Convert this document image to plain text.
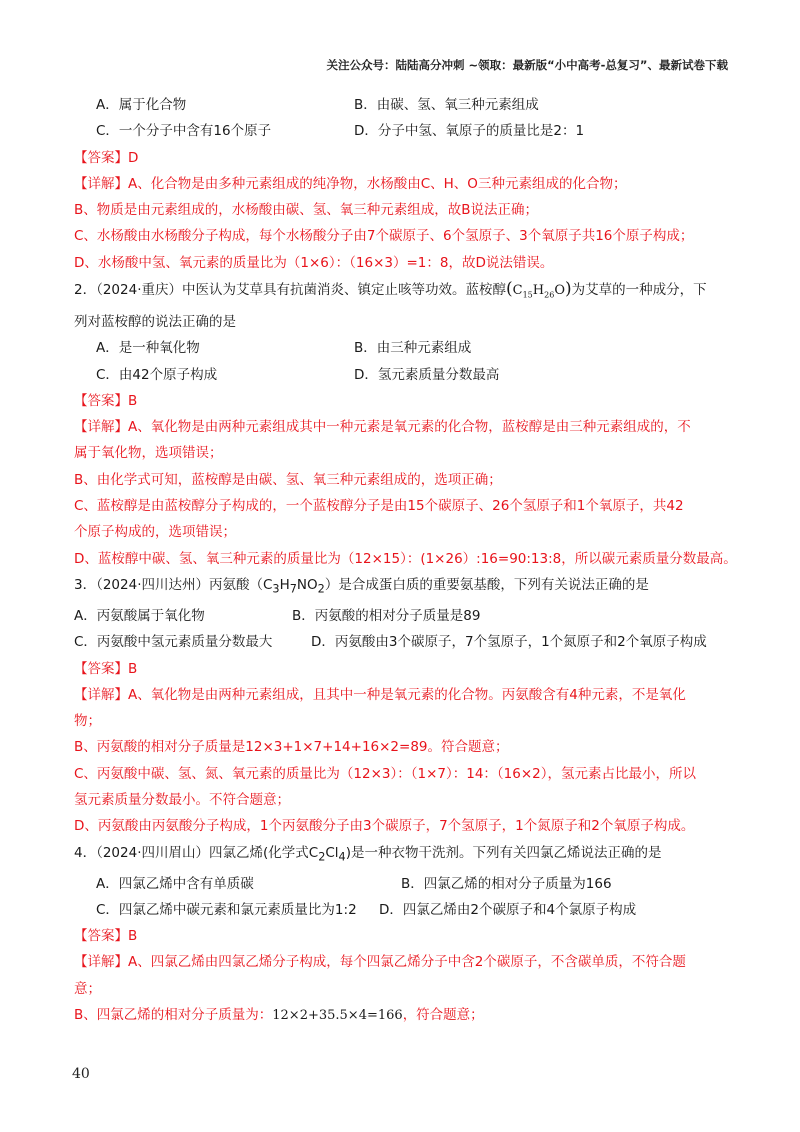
关注公众号：陆陆高分冲刺 ~领取：最新版“小中高考-总复习”、最新试卷下载
A．属于化合物	B．由碳、氢、氧三种元素组成
C．一个分子中含有16个原子	D．分子中氢、氧原子的质量比是2：1
【答案】D
【详解】A、化合物是由多种元素组成的纯净物，水杨酸由C、H、O三种元素组成的化合物；
B、物质是由元素组成的，水杨酸由碳、氢、氧三种元素组成，故B说法正确；
C、水杨酸由水杨酸分子构成，每个水杨酸分子由7个碳原子、6个氢原子、3个氧原子共16个原子构成；
D、水杨酸中氢、氧元素的质量比为（1×6）：（16×3）=1：8，故D说法错误。
2．（2024·重庆）中医认为艾草具有抗菌消炎、镇定止咳等功效。蓝桉醇$(C_{15}H_{26}O)$为艾草的一种成分，下
列对蓝桉醇的说法正确的是
A．是一种氧化物	B．由三种元素组成
C．由42个原子构成	D．氢元素质量分数最高
【答案】B
【详解】A、氧化物是由两种元素组成其中一种元素是氧元素的化合物，蓝桉醇是由三种元素组成的，不
属于氧化物，选项错误；
B、由化学式可知，蓝桉醇是由碳、氢、氧三种元素组成的，选项正确；
C、蓝桉醇是由蓝桉醇分子构成的，一个蓝桉醇分子是由15个碳原子、26个氢原子和1个氧原子，共42
个原子构成的，选项错误；
D、蓝桉醇中碳、氢、氧三种元素的质量比为（12×15）：(1×26）:16=90:13:8，所以碳元素质量分数最高。
3．（2024·四川达州）丙氨酸$(C_3H_7NO_2)$是合成蛋白质的重要氨基酸，下列有关说法正确的是
A．丙氨酸属于氧化物	B．丙氨酸的相对分子质量是89
C．丙氨酸中氢元素质量分数最大	D．丙氨酸由3个碳原子，7个氢原子，1个氮原子和2个氧原子构成
【答案】B
【详解】A、氧化物是由两种元素组成，且其中一种是氧元素的化合物。丙氨酸含有4种元素，不是氧化
物；
B、丙氨酸的相对分子质量是12×3+1×7+14+16×2=89。符合题意；
C、丙氨酸中碳、氢、氮、氧元素的质量比为（12×3）：（1×7）：14：（16×2），氢元素占比最小，所以
氢元素质量分数最小。不符合题意；
D、丙氨酸由丙氨酸分子构成，1个丙氨酸分子由3个碳原子，7个氢原子，1个氮原子和2个氧原子构成。
4．（2024·四川眉山）四氯乙烯(化学式$C_2Cl_4$)是一种衣物干洗剂。下列有关四氯乙烯说法正确的是
A．四氯乙烯中含有单质碳	B．四氯乙烯的相对分子质量为166
C．四氯乙烯中碳元素和氯元素质量比为1:2	D．四氯乙烯由2个碳原子和4个氯原子构成
【答案】B
【详解】A、四氯乙烯由四氯乙烯分子构成，每个四氯乙烯分子中含2个碳原子，不含碳单质，不符合题
意；
B、四氯乙烯的相对分子质量为：12×2+35.5×4=166，符合题意；
40
